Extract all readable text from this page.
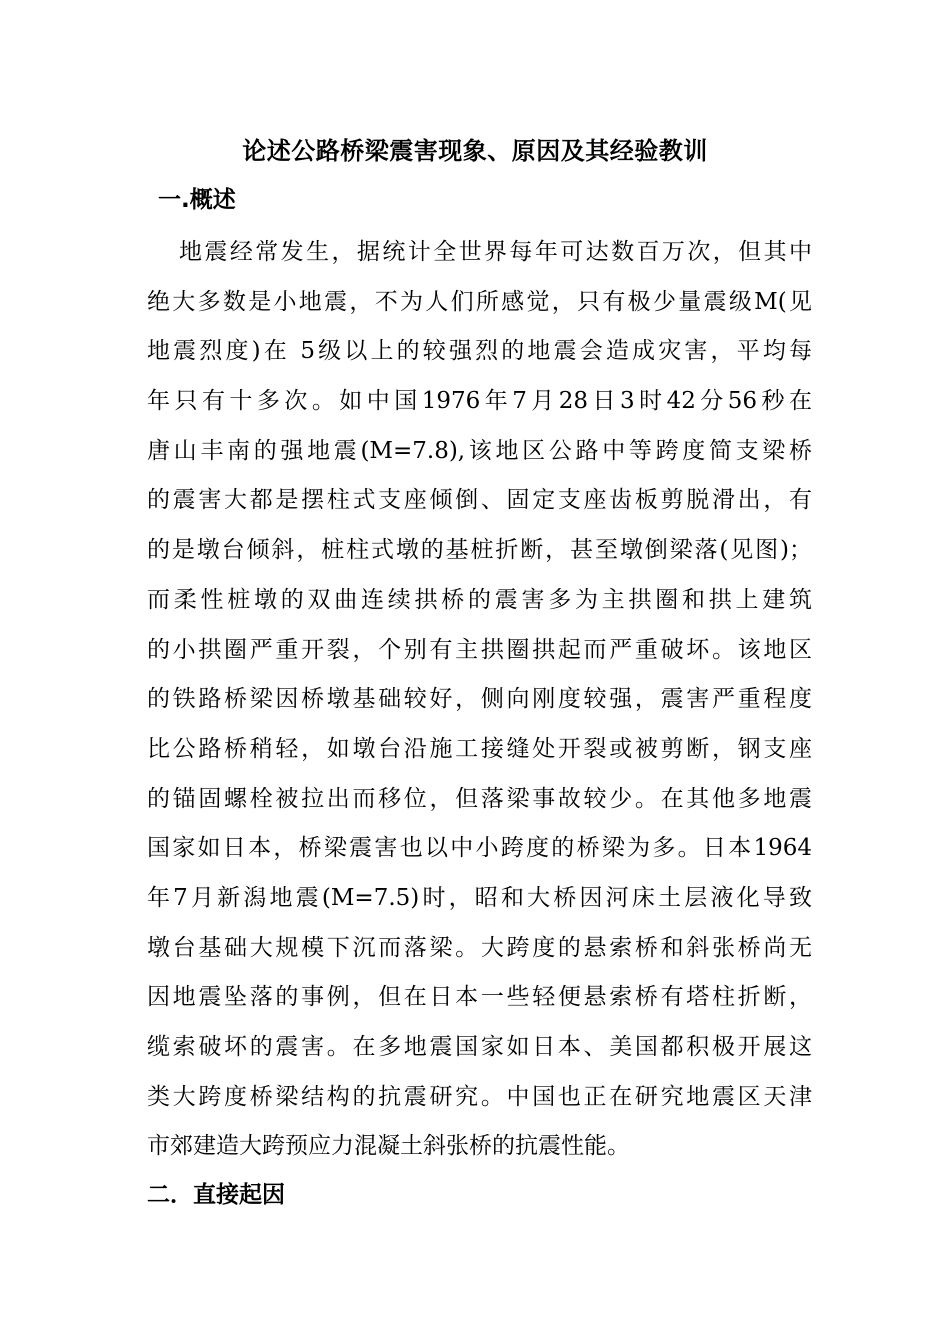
论述公路桥梁震害现象、原因及其经验教训
一.概述
地震经常发生，据统计全世界每年可达数百万次，但其中
绝大多数是小地震，不为人们所感觉，只有极少量震级M(见
地震烈度)在 5级以上的较强烈的地震会造成灾害，平均每
年只有十多次。如中国1976年7月28日3时42分56秒在
唐山丰南的强地震(M=7.8),该地区公路中等跨度简支梁桥
的震害大都是摆柱式支座倾倒、固定支座齿板剪脱滑出，有
的是墩台倾斜，桩柱式墩的基桩折断，甚至墩倒梁落(见图)；
而柔性桩墩的双曲连续拱桥的震害多为主拱圈和拱上建筑
的小拱圈严重开裂，个别有主拱圈拱起而严重破坏。该地区
的铁路桥梁因桥墩基础较好，侧向刚度较强，震害严重程度
比公路桥稍轻，如墩台沿施工接缝处开裂或被剪断，钢支座
的锚固螺栓被拉出而移位，但落梁事故较少。在其他多地震
国家如日本，桥梁震害也以中小跨度的桥梁为多。日本1964
年7月新潟地震(M=7.5)时，昭和大桥因河床土层液化导致
墩台基础大规模下沉而落梁。大跨度的悬索桥和斜张桥尚无
因地震坠落的事例，但在日本一些轻便悬索桥有塔柱折断，
缆索破坏的震害。在多地震国家如日本、美国都积极开展这
类大跨度桥梁结构的抗震研究。中国也正在研究地震区天津
市郊建造大跨预应力混凝土斜张桥的抗震性能。
二．直接起因
